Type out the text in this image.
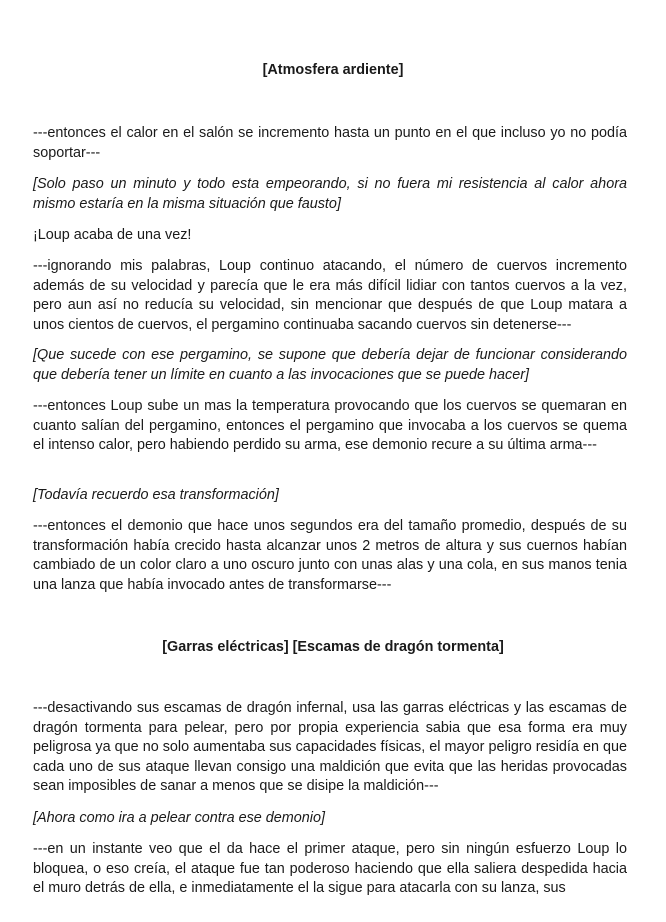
[Atmosfera ardiente]

---entonces el calor en el salón se incremento hasta un punto en el que incluso yo no podía soportar---

[Solo paso un minuto y todo esta empeorando, si no fuera mi resistencia al calor ahora mismo estaría en la misma situación que fausto]

¡Loup acaba de una vez!

---ignorando mis palabras, Loup continuo atacando, el número de cuervos incremento además de su velocidad y parecía que le era más difícil lidiar con tantos cuervos a la vez, pero aun así no reducía su velocidad, sin mencionar que después de que Loup matara a unos cientos de cuervos, el pergamino continuaba sacando cuervos sin detenerse---

[Que sucede con ese pergamino, se supone que debería dejar de funcionar considerando que debería tener un límite en cuanto a las invocaciones que se puede hacer]

---entonces Loup sube un mas la temperatura provocando que los cuervos se quemaran en cuanto salían del pergamino, entonces el pergamino que invocaba a los cuervos se quema el intenso calor, pero habiendo perdido su arma, ese demonio recure a su última arma---

[Todavía recuerdo esa transformación]

---entonces el demonio que hace unos segundos era del tamaño promedio, después de su transformación había crecido hasta alcanzar unos 2 metros de altura y sus cuernos habían cambiado de un color claro a uno oscuro junto con unas alas y una cola, en sus manos tenia una lanza que había invocado antes de transformarse---

[Garras eléctricas] [Escamas de dragón tormenta]

---desactivando sus escamas de dragón infernal, usa las garras eléctricas y las escamas de dragón tormenta para pelear, pero por propia experiencia sabia que esa forma era muy peligrosa ya que no solo aumentaba sus capacidades físicas, el mayor peligro residía en que cada uno de sus ataque llevan consigo una maldición que evita que las heridas provocadas sean imposibles de sanar a menos que se disipe la maldición---

[Ahora como ira a pelear contra ese demonio]

---en un instante veo que el da hace el primer ataque, pero sin ningún esfuerzo Loup lo bloquea, o eso creía, el ataque fue tan poderoso haciendo que ella saliera despedida hacia el muro detrás de ella, e inmediatamente el la sigue para atacarla con su lanza, sus
